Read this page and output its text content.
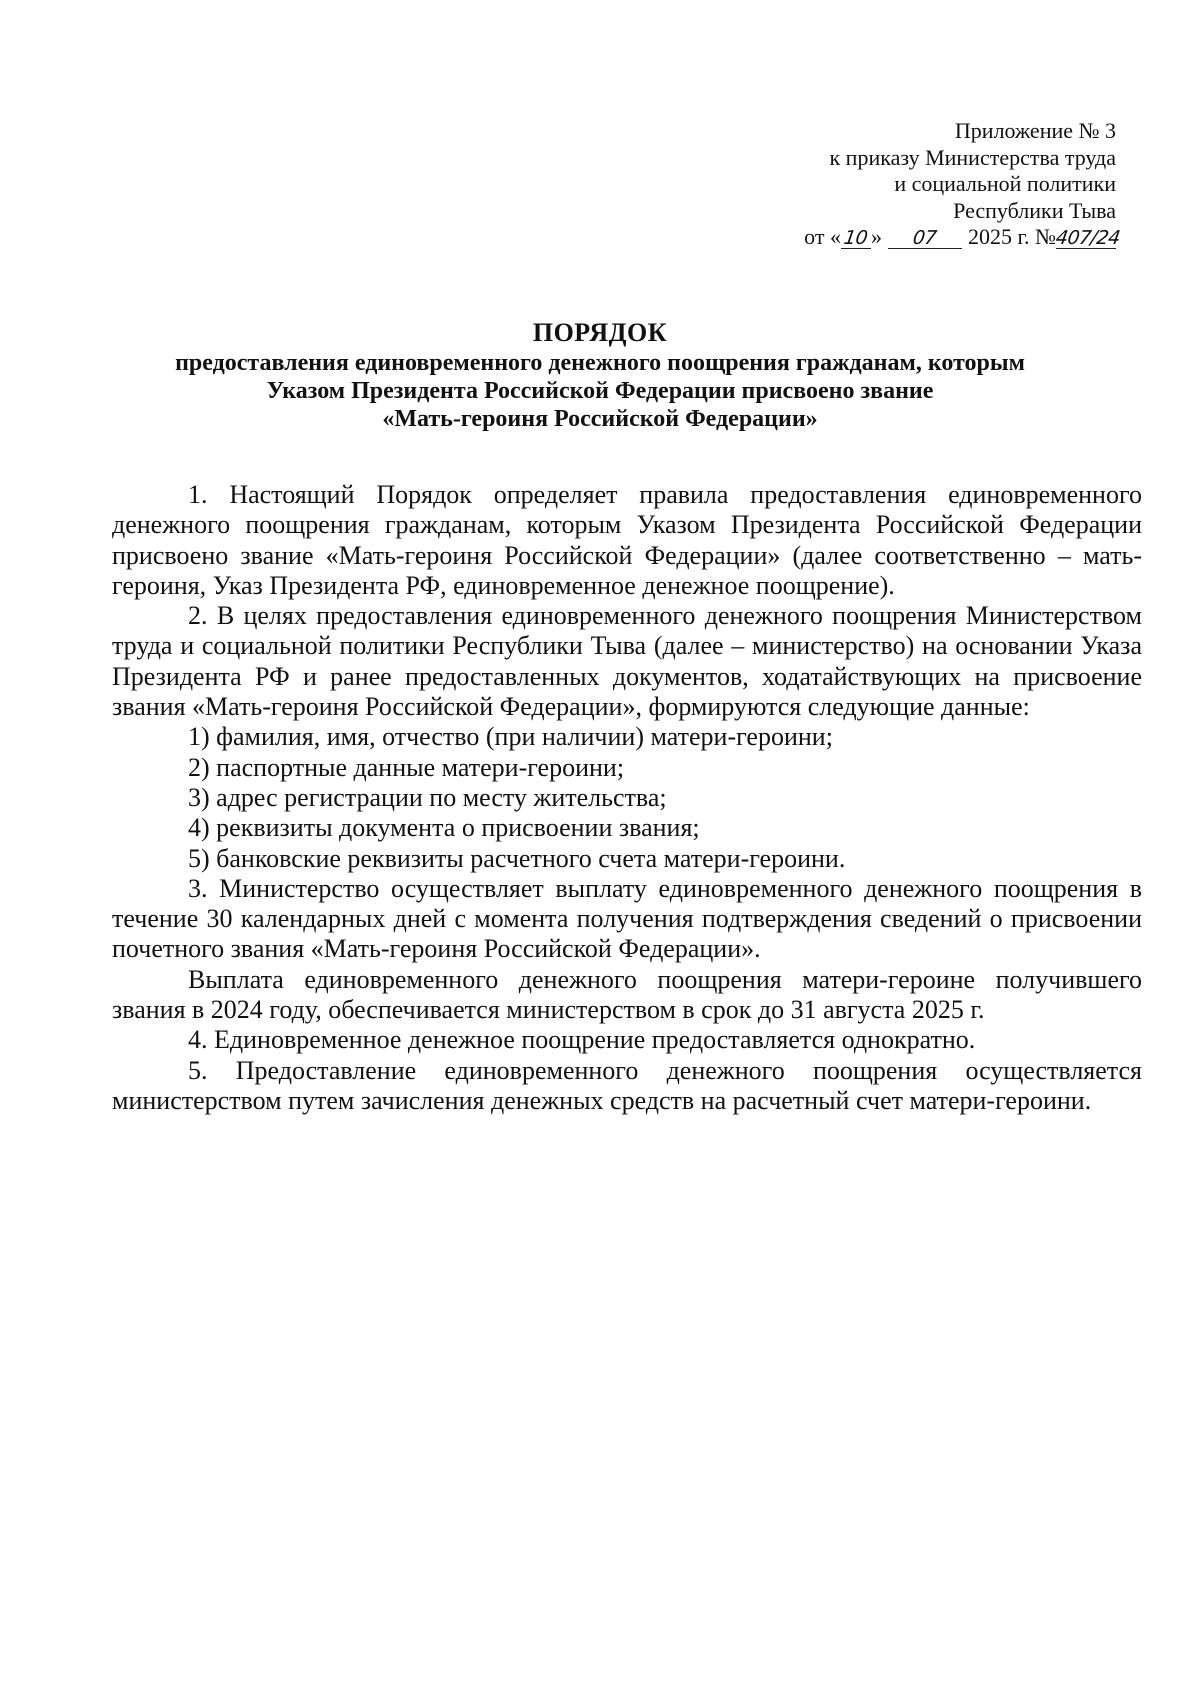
Приложение № 3
к приказу Министерства труда
и социальной политики
Республики Тыва
от «10» 07 2025 г. №407/24
ПОРЯДОК
предоставления единовременного денежного поощрения гражданам, которым
Указом Президента Российской Федерации присвоено звание
«Мать-героиня Российской Федерации»

1. Настоящий Порядок определяет правила предоставления единовременного денежного поощрения гражданам, которым Указом Президента Российской Федерации присвоено звание «Мать-героиня Российской Федерации» (далее соответственно – мать-героиня, Указ Президента РФ, единовременное денежное поощрение).

2. В целях предоставления единовременного денежного поощрения Министерством труда и социальной политики Республики Тыва (далее – министерство) на основании Указа Президента РФ и ранее предоставленных документов, ходатайствующих на присвоение звания «Мать-героиня Российской Федерации», формируются следующие данные:

1) фамилия, имя, отчество (при наличии) матери-героини;

2) паспортные данные матери-героини;

3) адрес регистрации по месту жительства;

4) реквизиты документа о присвоении звания;

5) банковские реквизиты расчетного счета матери-героини.

3. Министерство осуществляет выплату единовременного денежного поощрения в течение 30 календарных дней с момента получения подтверждения сведений о присвоении почетного звания «Мать-героиня Российской Федерации».

Выплата единовременного денежного поощрения матери-героине получившего звания в 2024 году, обеспечивается министерством в срок до 31 августа 2025 г.

4. Единовременное денежное поощрение предоставляется однократно.

5. Предоставление единовременного денежного поощрения осуществляется министерством путем зачисления денежных средств на расчетный счет матери-героини.
